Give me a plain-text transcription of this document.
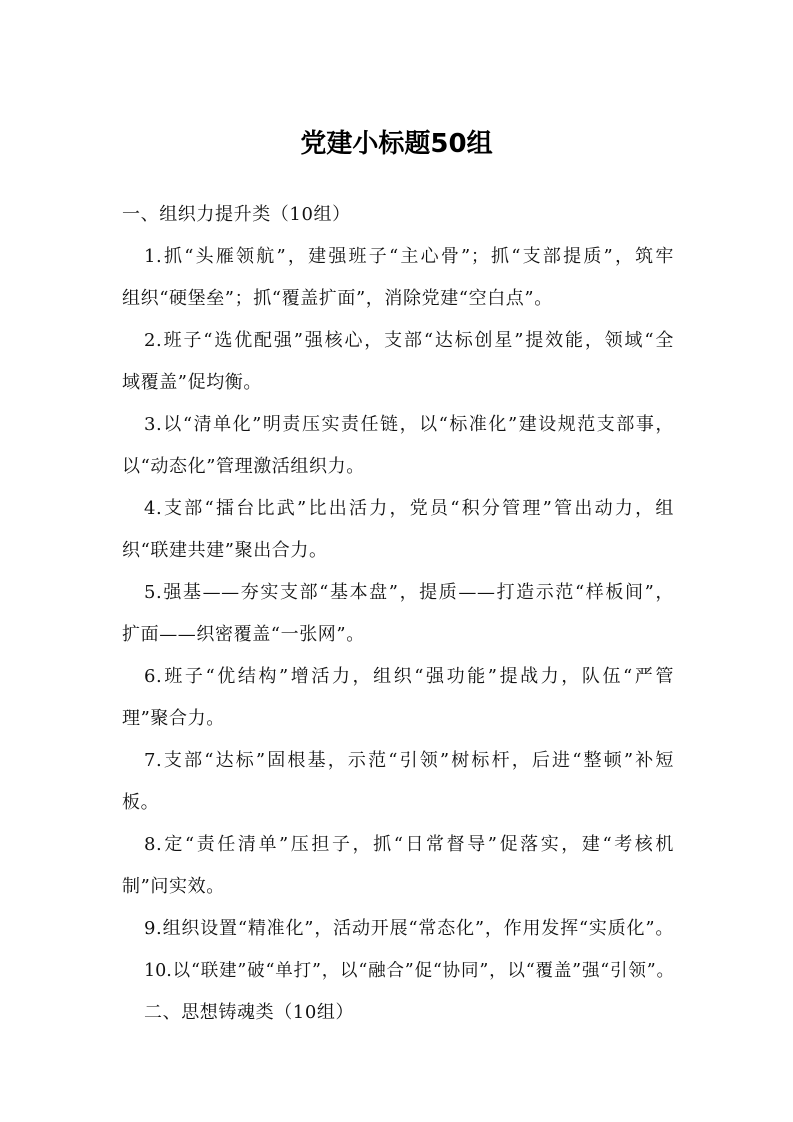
党建小标题50组
一、组织力提升类（10组）
1.抓“头雁领航”，建强班子“主心骨”；抓“支部提质”，筑牢
组织“硬堡垒”；抓“覆盖扩面”，消除党建“空白点”。
2.班子“选优配强”强核心，支部“达标创星”提效能，领域“全
域覆盖”促均衡。
3.以“清单化”明责压实责任链，以“标准化”建设规范支部事，
以“动态化”管理激活组织力。
4.支部“擂台比武”比出活力，党员“积分管理”管出动力，组
织“联建共建”聚出合力。
5.强基——夯实支部“基本盘”，提质——打造示范“样板间”，
扩面——织密覆盖“一张网”。
6.班子“优结构”增活力，组织“强功能”提战力，队伍“严管
理”聚合力。
7.支部“达标”固根基，示范“引领”树标杆，后进“整顿”补短
板。
8.定“责任清单”压担子，抓“日常督导”促落实，建“考核机
制”问实效。
9.组织设置“精准化”，活动开展“常态化”，作用发挥“实质化”。
10.以“联建”破“单打”，以“融合”促“协同”，以“覆盖”强“引领”。
二、思想铸魂类（10组）
